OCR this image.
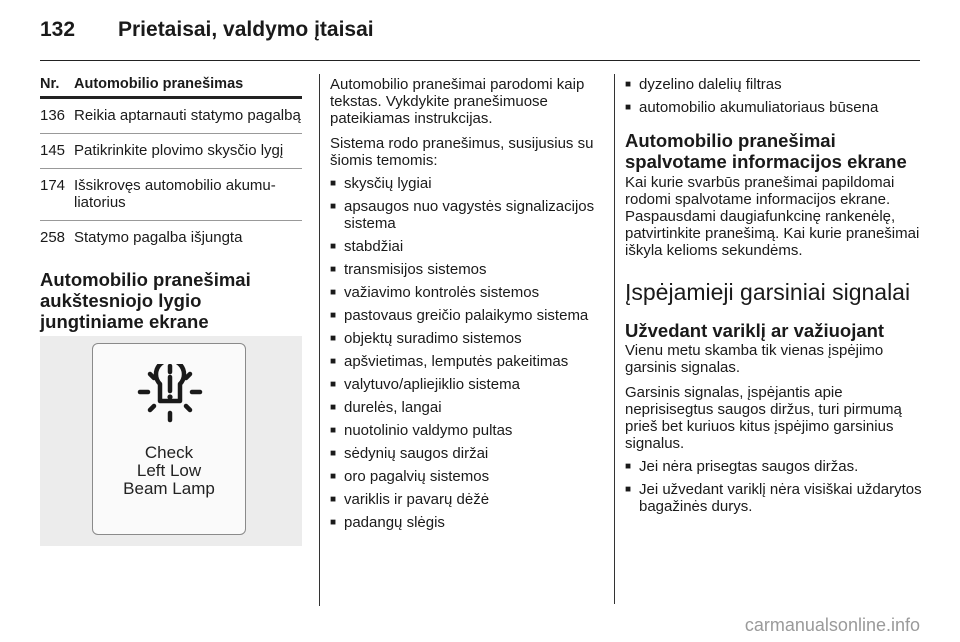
132 Prietaisai, valdymo įtaisai
Nr.	Automobilio pranešimas
136 Reikia aptarnauti statymo pagalbą
145 Patikrinkite plovimo skysčio lygį
174 Išsikrovęs automobilio akumu-liatorius
258 Statymo pagalba išjungta

Automobilio pranešimai aukštesniojo lygio jungtiniame ekrane

Check
Left Low
Beam Lamp

Automobilio pranešimai parodomi kaip tekstas. Vykdykite pranešimuose pateikiamas instrukcijas.

Sistema rodo pranešimus, susijusius su šiomis temomis:

■ skysčių lygiai
■ apsaugos nuo vagystės signalizacijos sistema
■ stabdžiai
■ transmisijos sistemos
■ važiavimo kontrolės sistemos
■ pastovaus greičio palaikymo sistema
■ objektų suradimo sistemos
■ apšvietimas, lemputės pakeitimas
■ valytuvo/apliejiklio sistema
■ durelės, langai
■ nuotolinio valdymo pultas
■ sėdynių saugos diržai
■ oro pagalvių sistemos
■ variklis ir pavarų dėžė
■ padangų slėgis
■ dyzelino dalelių filtras
■ automobilio akumuliatoriaus būsena

Automobilio pranešimai spalvotame informacijos ekrane

Kai kurie svarbūs pranešimai papildomai rodomi spalvotame informacijos ekrane. Paspausdami daugiafunkcinę rankenėlę, patvirtinkite pranešimą. Kai kurie pranešimai iškyla kelioms sekundėms.

Įspėjamieji garsiniai signalai

Užvedant variklį ar važiuojant

Vienu metu skamba tik vienas įspėjimo garsinis signalas.

Garsinis signalas, įspėjantis apie neprisisegtus saugos diržus, turi pirmumą prieš bet kuriuos kitus įspėjimo garsinius signalus.

■ Jei nėra prisegtas saugos diržas.
■ Jei užvedant variklį nėra visiškai uždarytos bagažinės durys.
carmanualsonline.info
